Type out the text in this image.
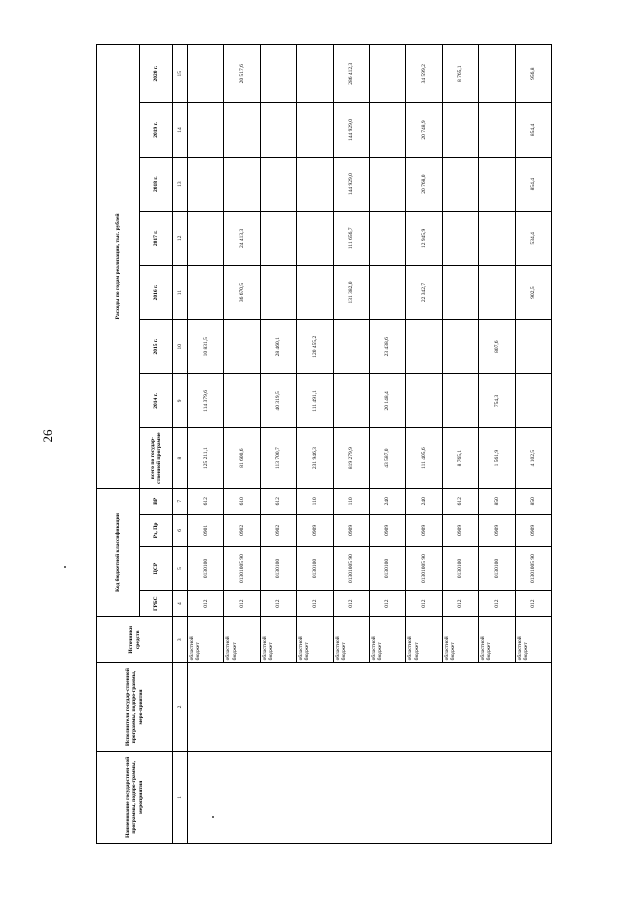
26
Наименование государствен-ной программы, подпро-граммы, мероприятия	Исполнители государ-ственной программы, подпро-граммы, меро-приятия	Источники средств	Код бюджетной классификации				Расходы по годам реализации, тыс. рублей							
			ГРБС	ЦСР	Рз, Пр	ВР	всего по государ-ственной программе	2014 г.	2015 г.	2016 г.	2017 г.	2018 г.	2019 г.	2020 г.
1	2	3	4	5	6	7	8	9	10	11	12	13	14	15
		областной бюджет	012	0130100	0901	612	125 211,1	114 379,6	10 831,5					
		областной бюджет	012	01301005 90	0902	610	81 600,6			36 670,5	24 413,3			20 517,6
		областной бюджет	012	0130100	0902	612	113 700,7	40 319,5	28 460,1					
		областной бюджет	012	0130100	0909	110	231 946,3	111 491,1	120 455,2					
		областной бюджет	012	01301005 90	0909	110	819 279,9			131 382,0	111 656,7	144 929,0	144 929,0	286 412,3
		областной бюджет	012	0130100	0909	240	43 587,0	20 148,4	23 438,6					
		областной бюджет	012	01301005 90	0909	240	111 405,6			22 342,7	12 945,9	20 768,0	20 748,9	34 599,2
		областной бюджет	012	0130100	0909	612	8 765,1							8 765,1
		областной бюджет	012	0130100	0909	850	1 561,9	754,3	807,6					
		областной бюджет	012	01301005 90	0909	850	4 102,5			902,5	534,4	854,4	854,4	956,8
